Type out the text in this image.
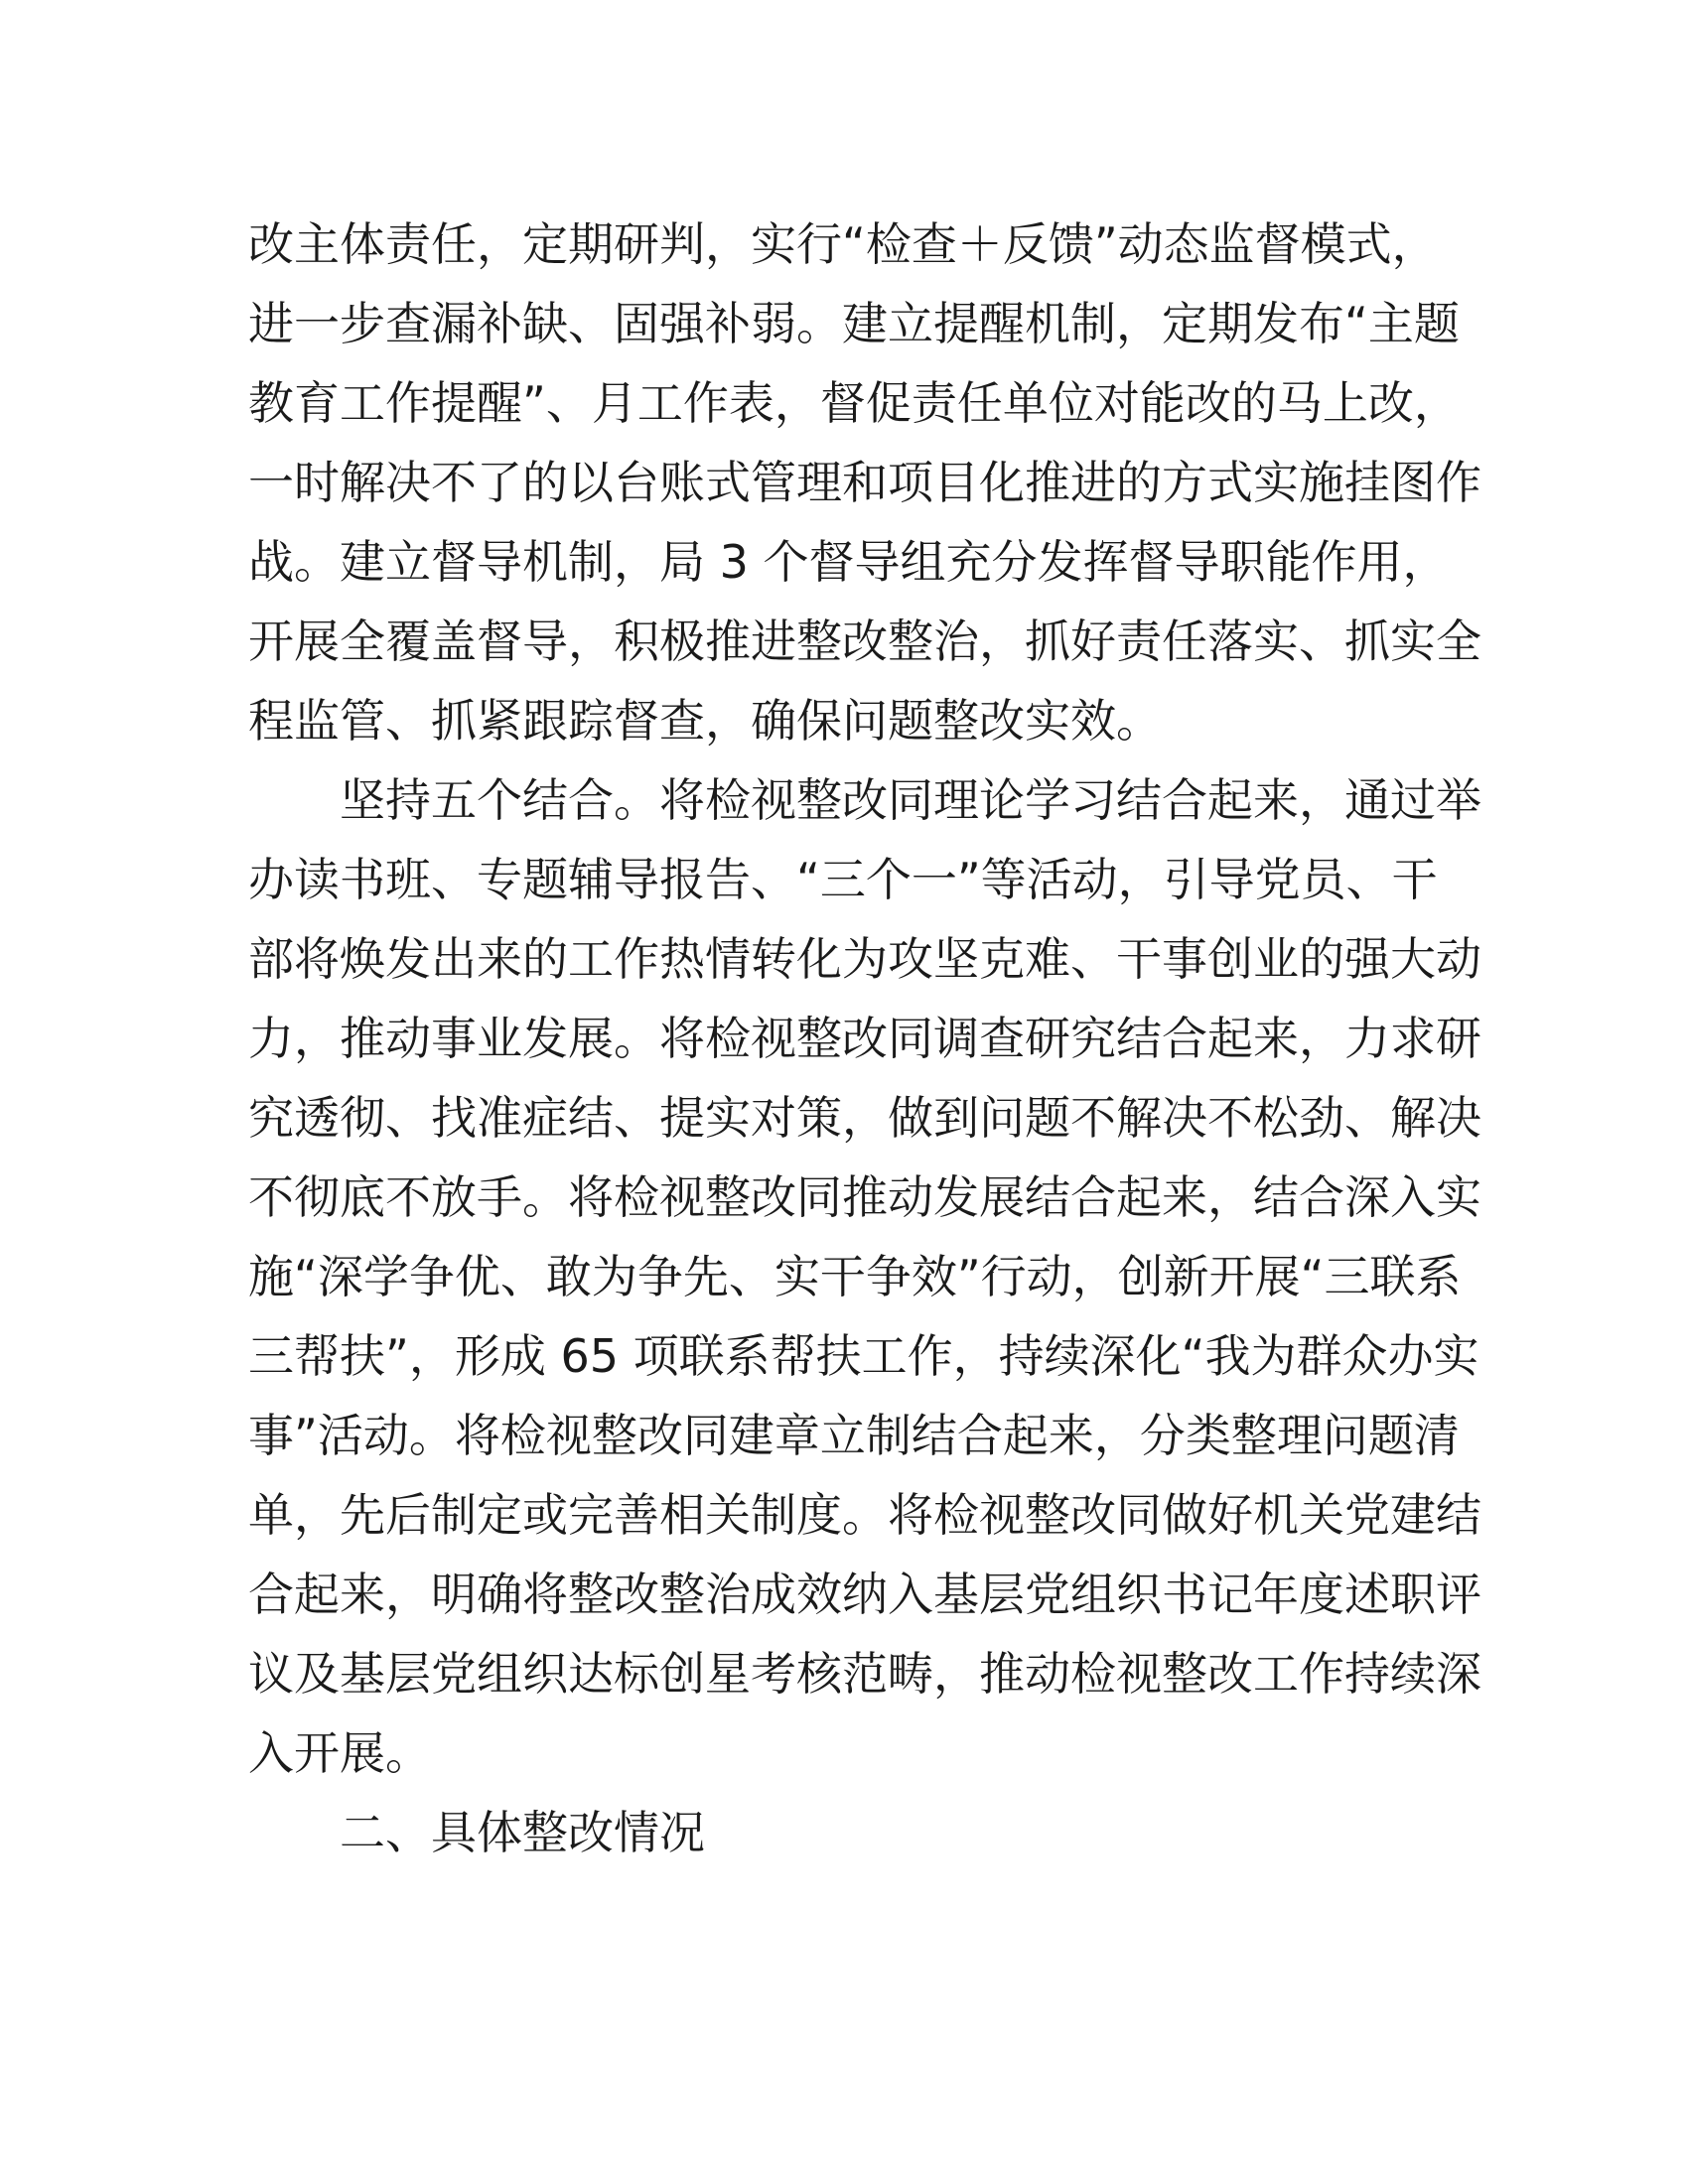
改主体责任，定期研判，实行“检查＋反馈”动态监督模式，
进一步查漏补缺、固强补弱。建立提醒机制，定期发布“主题
教育工作提醒”、月工作表，督促责任单位对能改的马上改，
一时解决不了的以台账式管理和项目化推进的方式实施挂图作
战。建立督导机制，局 3 个督导组充分发挥督导职能作用，
开展全覆盖督导，积极推进整改整治，抓好责任落实、抓实全
程监管、抓紧跟踪督查，确保问题整改实效。
　　坚持五个结合。将检视整改同理论学习结合起来，通过举
办读书班、专题辅导报告、“三个一”等活动，引导党员、干
部将焕发出来的工作热情转化为攻坚克难、干事创业的强大动
力，推动事业发展。将检视整改同调查研究结合起来，力求研
究透彻、找准症结、提实对策，做到问题不解决不松劲、解决
不彻底不放手。将检视整改同推动发展结合起来，结合深入实
施“深学争优、敢为争先、实干争效”行动，创新开展“三联系
三帮扶”，形成 65 项联系帮扶工作，持续深化“我为群众办实
事”活动。将检视整改同建章立制结合起来，分类整理问题清
单，先后制定或完善相关制度。将检视整改同做好机关党建结
合起来，明确将整改整治成效纳入基层党组织书记年度述职评
议及基层党组织达标创星考核范畴，推动检视整改工作持续深
入开展。
　　二、具体整改情况
